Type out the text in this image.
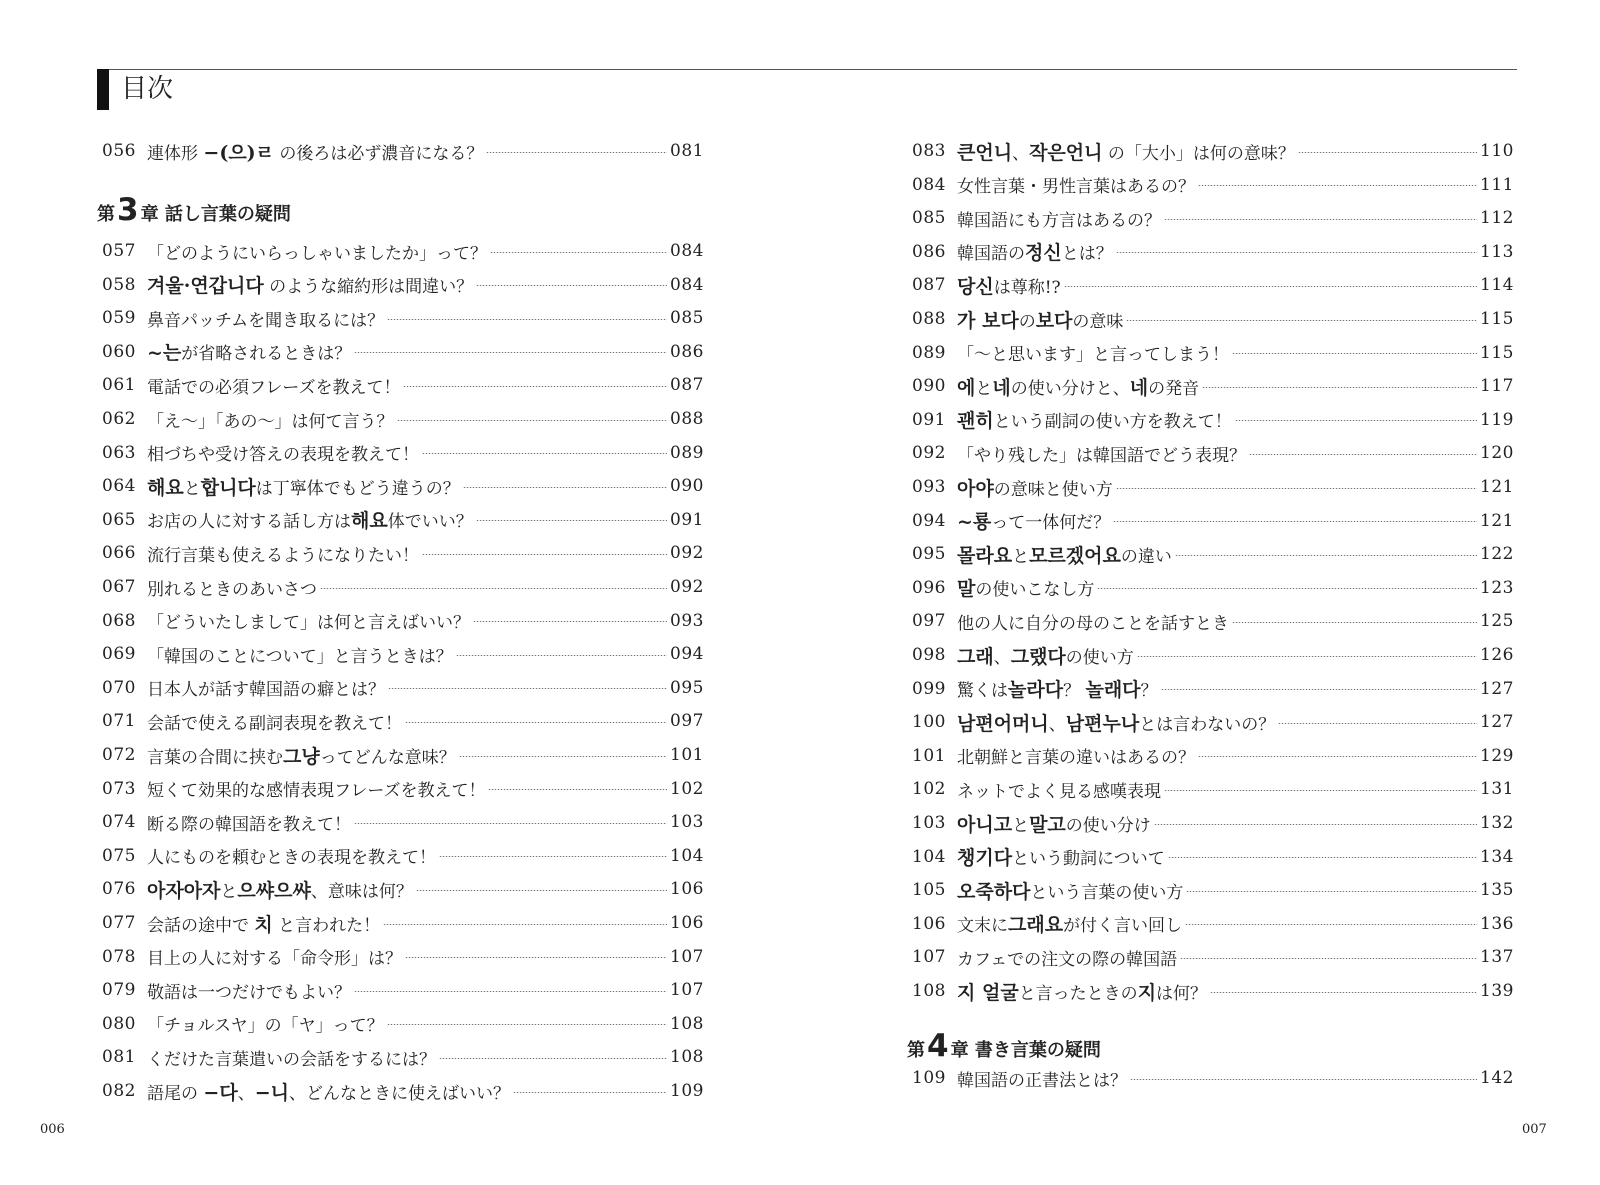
目次
056 連体形 −(으)ㄹ の後ろは必ず濃音になる？	081
057 「どのようにいらっしゃいましたか」って？	084
058 겨울·연갑니다 のような縮約形は間違い？	084
059 鼻音パッチムを聞き取るには？	085
060 ~는が省略されるときは？	086
061 電話での必須フレーズを教えて！	087
062 「え～」「あの～」は何て言う？	088
063 相づちや受け答えの表現を教えて！	089
064 해요と합니다は丁寧体でもどう違うの？	090
065 お店の人に対する話し方は해요体でいい？	091
066 流行言葉も使えるようになりたい！	092
067 別れるときのあいさつ	092
068 「どういたしまして」は何と言えばいい？	093
069 「韓国のことについて」と言うときは？	094
070 日本人が話す韓国語の癖とは？	095
071 会話で使える副詞表現を教えて！	097
072 言葉の合間に挟む그냥ってどんな意味？	101
073 短くて効果的な感情表現フレーズを教えて！	102
074 断る際の韓国語を教えて！	103
075 人にものを頼むときの表現を教えて！	104
076 아자아자と으쌰으쌰、意味は何？	106
077 会話の途中で 치 と言われた！	106
078 目上の人に対する「命令形」は？	107
079 敬語は一つだけでもよい？	107
080 「チョルスヤ」の「ヤ」って？	108
081 くだけた言葉遣いの会話をするには？	108
082 語尾の −다、−니、どんなときに使えばいい？	109
083 큰언니、작은언니 の「大小」は何の意味？	110
084 女性言葉・男性言葉はあるの？	111
085 韓国語にも方言はあるの？	112
086 韓国語の정신とは？	113
087 당신は尊称!?	114
088 가 보다の보다の意味	115
089 「～と思います」と言ってしまう！	115
090 에と네の使い分けと、네の発音	117
091 괜히という副詞の使い方を教えて！	119
092 「やり残した」は韓国語でどう表現？	120
093 아야の意味と使い方	121
094 ~룡って一体何だ？	121
095 몰라요と모르겠어요の違い	122
096 말の使いこなし方	123
097 他の人に自分の母のことを話すとき	125
098 그래、그랬다の使い方	126
099 驚くは놀라다？ 놀래다？	127
100 남편어머니、남편누나とは言わないの？	127
101 北朝鮮と言葉の違いはあるの？	129
102 ネットでよく見る感嘆表現	131
103 아니고と말고の使い分け	132
104 챙기다という動詞について	134
105 오죽하다という言葉の使い方	135
106 文末に그래요が付く言い回し	136
107 カフェでの注文の際の韓国語	137
108 지 얼굴と言ったときの지は何？	139
109 韓国語の正書法とは？	142
第 3 章 話し言葉の疑問
第 4 章 書き言葉の疑問
006	007
